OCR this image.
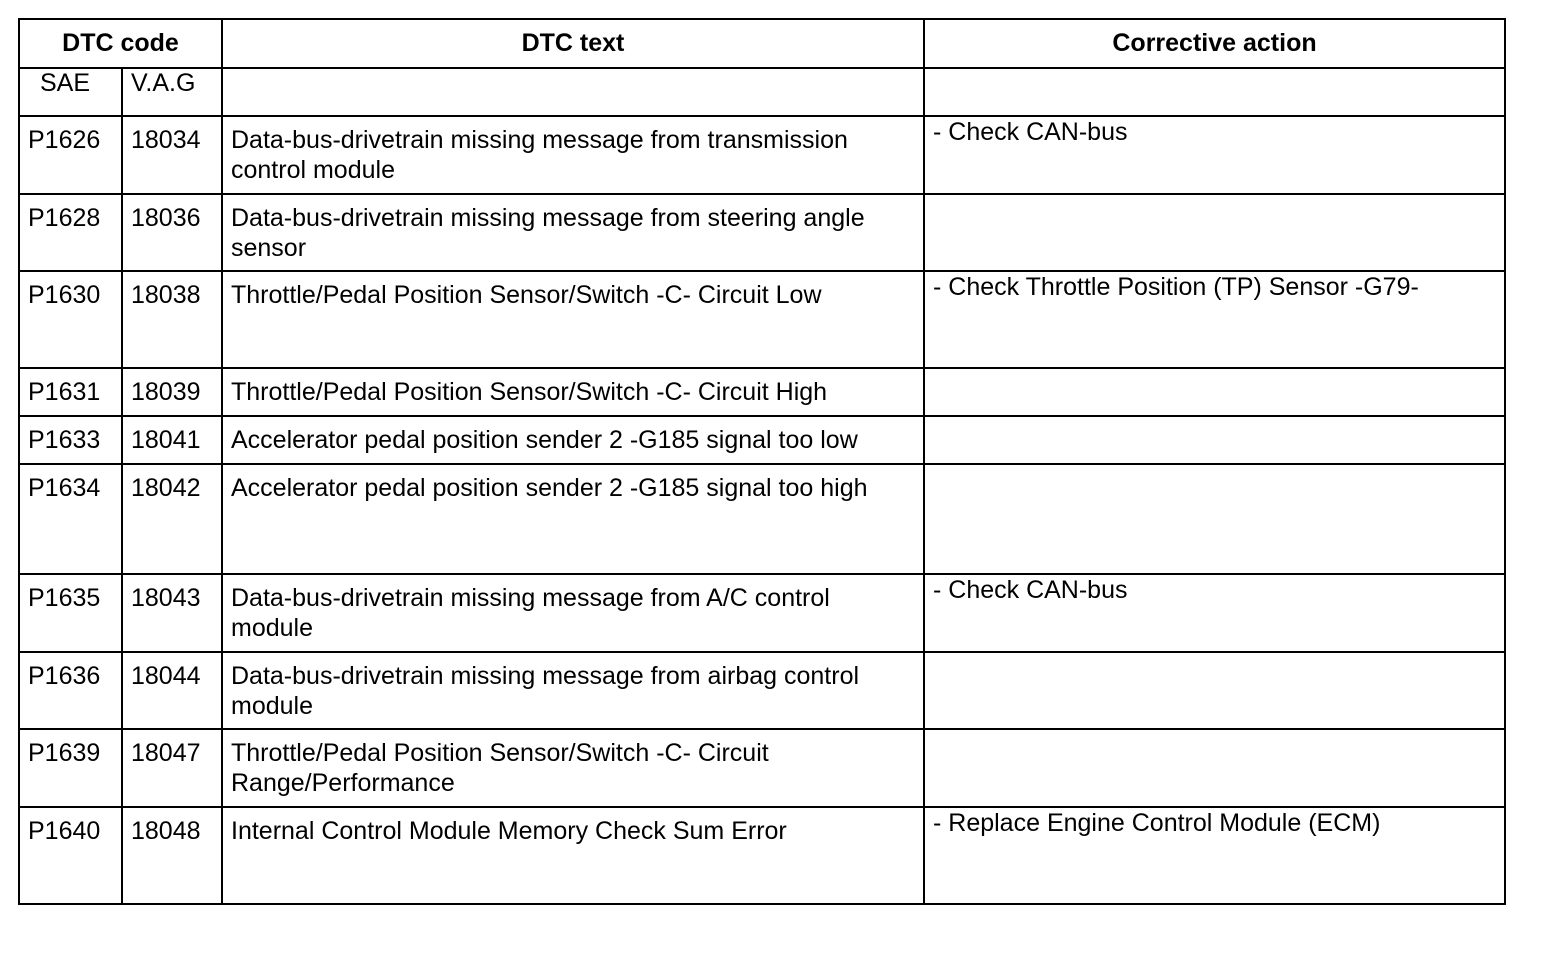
DTC code		DTC text	Corrective action
SAE	V.A.G		

P1626	18034	Data-bus-drivetrain missing message from transmission control module	- Check CAN-bus

P1628	18036	Data-bus-drivetrain missing message from steering angle sensor	

P1630	18038	Throttle/Pedal Position Sensor/Switch -C- Circuit Low	- Check Throttle Position (TP) Sensor -G79-

P1631	18039	Throttle/Pedal Position Sensor/Switch -C- Circuit High	

P1633	18041	Accelerator pedal position sender 2 -G185 signal too low	

P1634	18042	Accelerator pedal position sender 2 -G185 signal too high	

P1635	18043	Data-bus-drivetrain missing message from A/C control module	- Check CAN-bus

P1636	18044	Data-bus-drivetrain missing message from airbag control module	

P1639	18047	Throttle/Pedal Position Sensor/Switch -C- Circuit Range/Performance	

P1640	18048	Internal Control Module Memory Check Sum Error	- Replace Engine Control Module (ECM)
